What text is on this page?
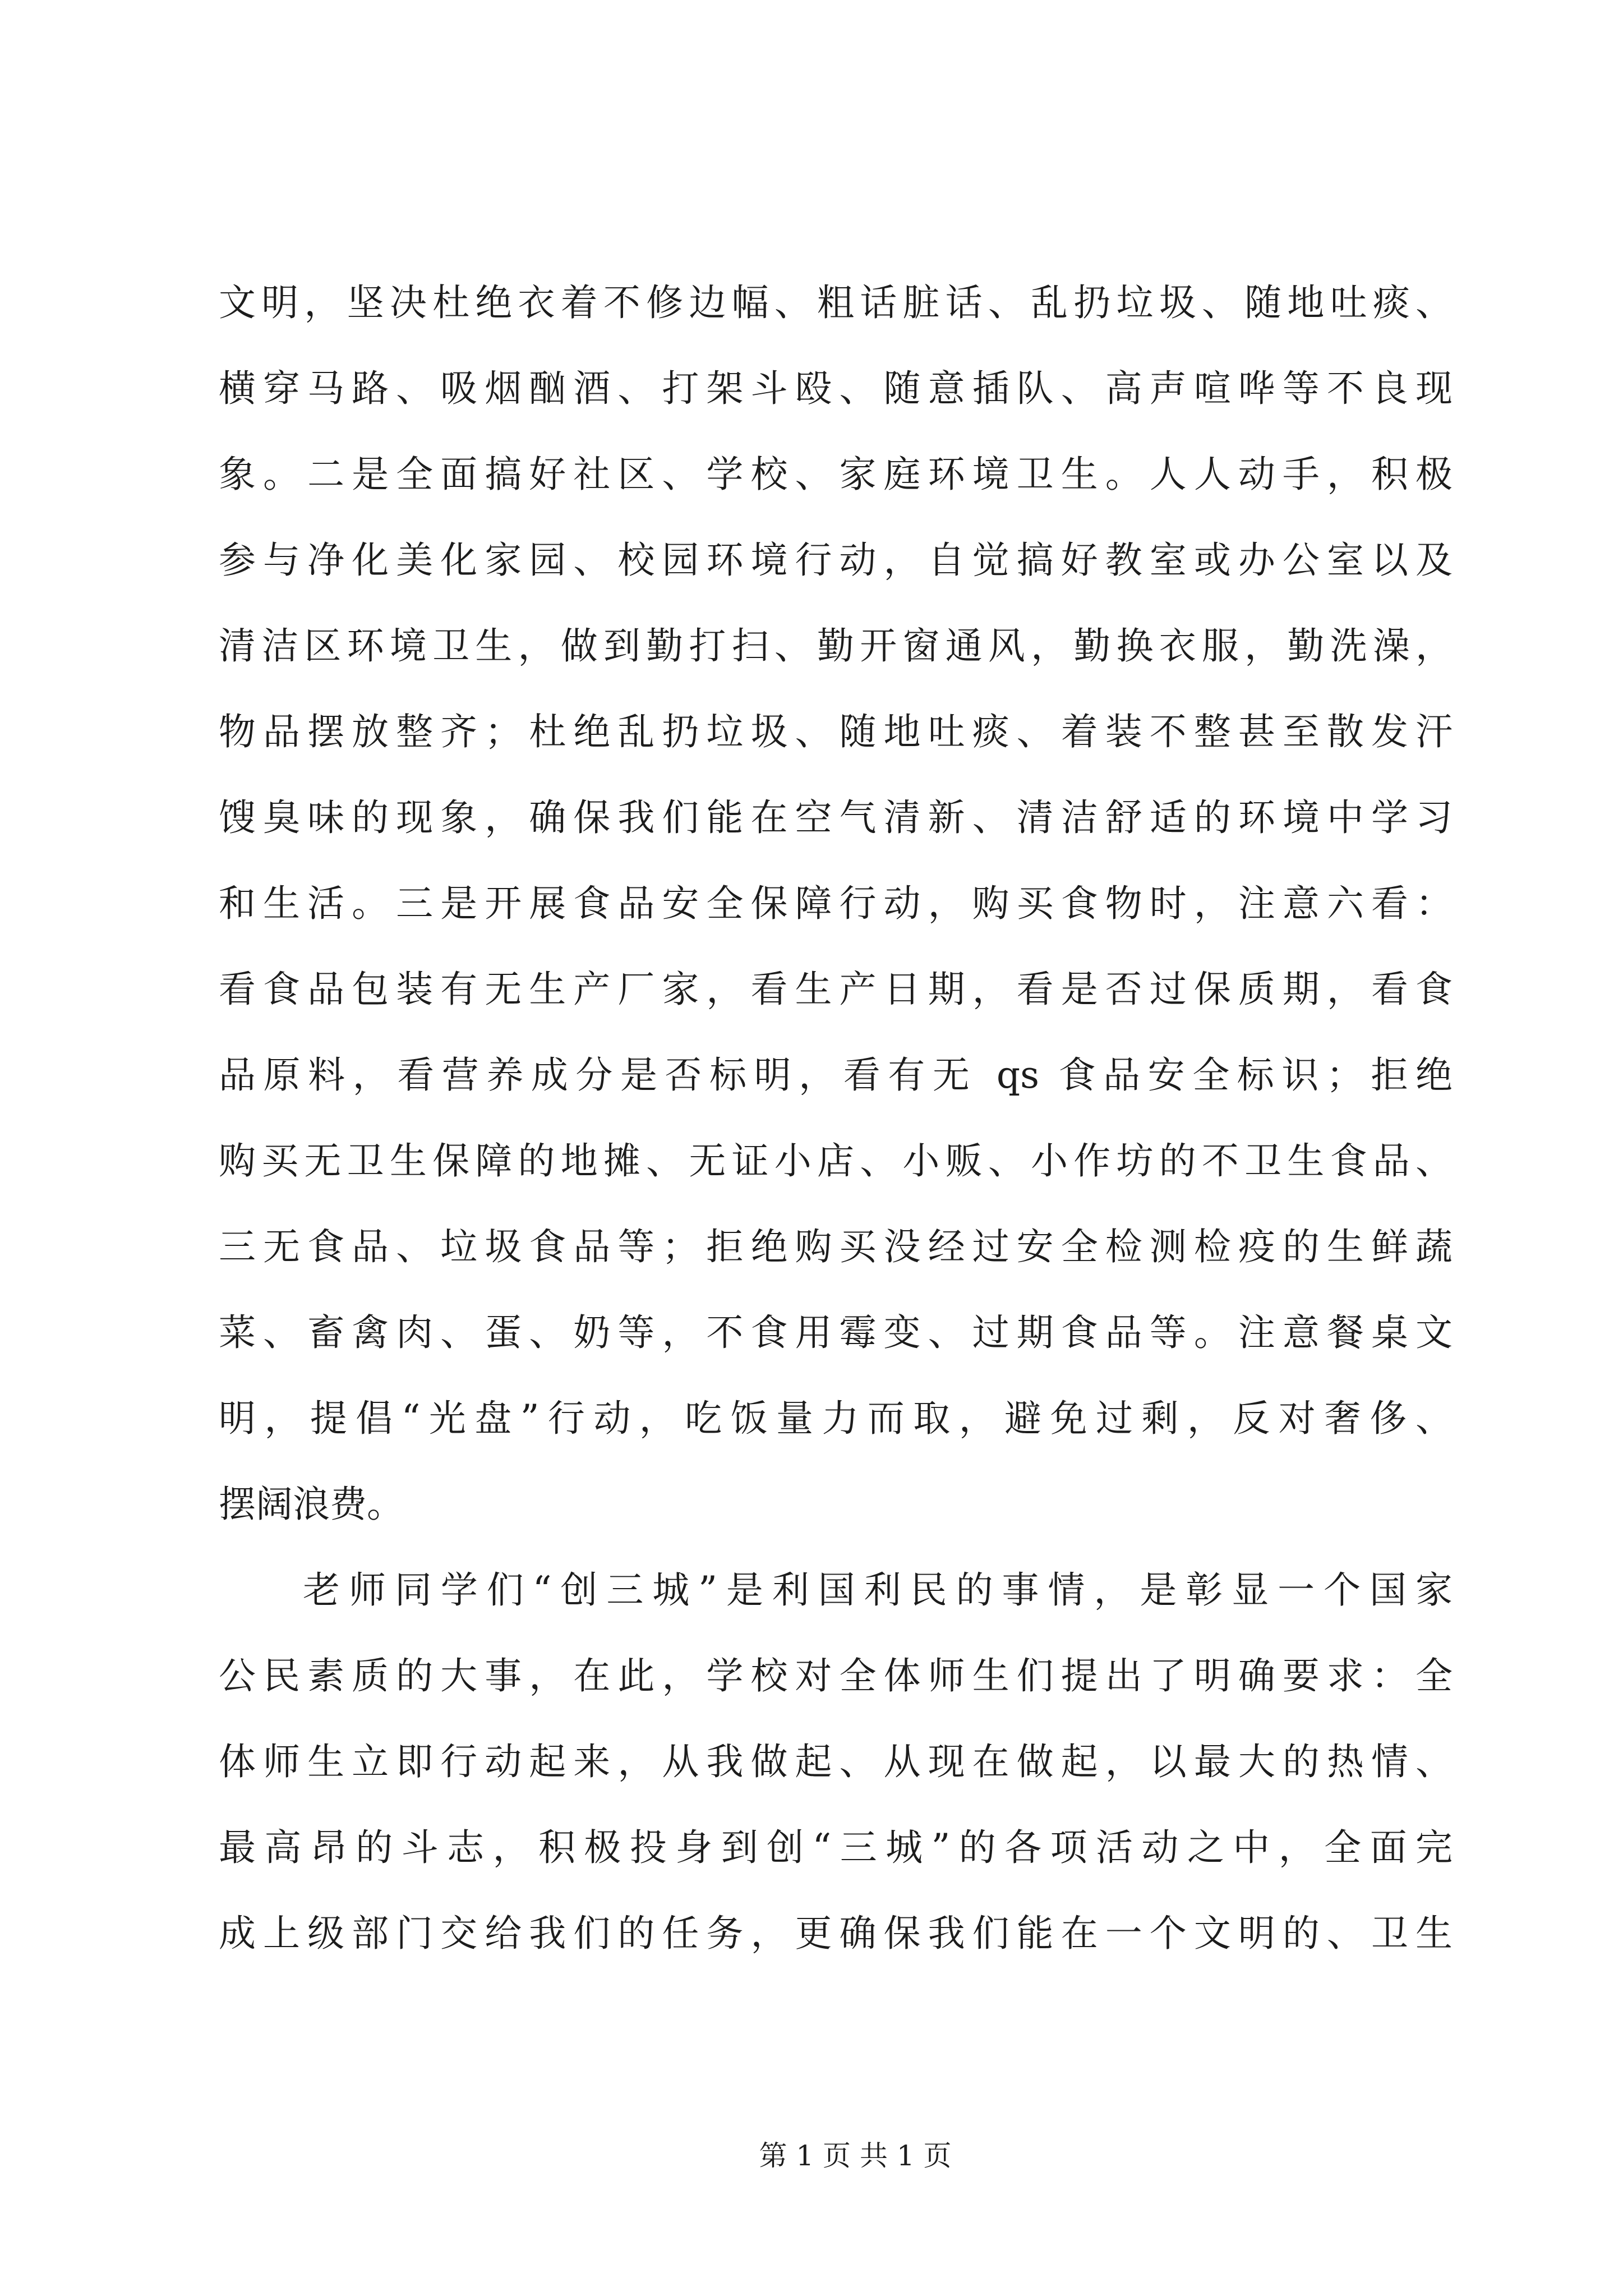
文明，坚决杜绝衣着不修边幅、粗话脏话、乱扔垃圾、随地吐痰、
横穿马路、吸烟酗酒、打架斗殴、随意插队、高声喧哗等不良现
象。二是全面搞好社区、学校、家庭环境卫生。人人动手，积极
参与净化美化家园、校园环境行动，自觉搞好教室或办公室以及
清洁区环境卫生，做到勤打扫、勤开窗通风，勤换衣服，勤洗澡，
物品摆放整齐；杜绝乱扔垃圾、随地吐痰、着装不整甚至散发汗
馊臭味的现象，确保我们能在空气清新、清洁舒适的环境中学习
和生活。三是开展食品安全保障行动，购买食物时，注意六看：
看食品包装有无生产厂家，看生产日期，看是否过保质期，看食
品原料，看营养成分是否标明，看有无 qs 食品安全标识；拒绝
购买无卫生保障的地摊、无证小店、小贩、小作坊的不卫生食品、
三无食品、垃圾食品等；拒绝购买没经过安全检测检疫的生鲜蔬
菜、畜禽肉、蛋、奶等，不食用霉变、过期食品等。注意餐桌文
明，提倡“光盘”行动，吃饭量力而取，避免过剩，反对奢侈、
摆阔浪费。
老师同学们“创三城”是利国利民的事情，是彰显一个国家
公民素质的大事，在此，学校对全体师生们提出了明确要求：全
体师生立即行动起来，从我做起、从现在做起，以最大的热情、
最高昂的斗志，积极投身到创“三城”的各项活动之中，全面完
成上级部门交给我们的任务，更确保我们能在一个文明的、卫生
第 1 页 共 1 页
